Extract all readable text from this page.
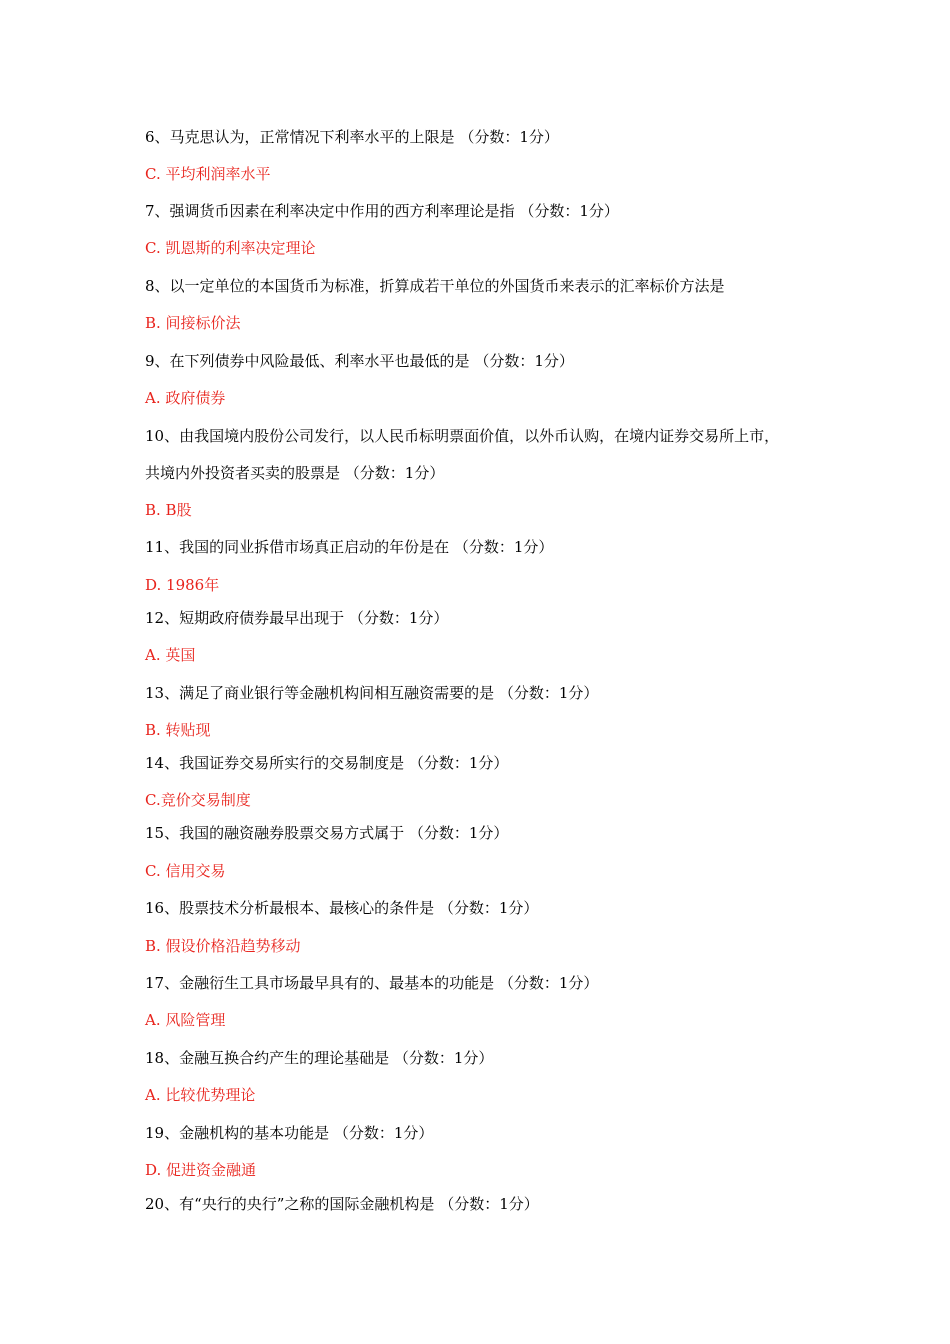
6、马克思认为，正常情况下利率水平的上限是 （分数：1分）
C. 平均利润率水平
7、强调货币因素在利率决定中作用的西方利率理论是指 （分数：1分）
C. 凯恩斯的利率决定理论
8、以一定单位的本国货币为标准，折算成若干单位的外国货币来表示的汇率标价方法是
B. 间接标价法
9、在下列债券中风险最低、利率水平也最低的是 （分数：1分）
A. 政府债券
10、由我国境内股份公司发行，以人民币标明票面价值，以外币认购，在境内证券交易所上市，
共境内外投资者买卖的股票是 （分数：1分）
B. B股
11、我国的同业拆借市场真正启动的年份是在 （分数：1分）
D. 1986年
12、短期政府债券最早出现于 （分数：1分）
A. 英国
13、满足了商业银行等金融机构间相互融资需要的是 （分数：1分）
B. 转贴现
14、我国证券交易所实行的交易制度是 （分数：1分）
C.竞价交易制度
15、我国的融资融券股票交易方式属于 （分数：1分）
C. 信用交易
16、股票技术分析最根本、最核心的条件是 （分数：1分）
B. 假设价格沿趋势移动
17、金融衍生工具市场最早具有的、最基本的功能是 （分数：1分）
A. 风险管理
18、金融互换合约产生的理论基础是 （分数：1分）
A. 比较优势理论
19、金融机构的基本功能是 （分数：1分）
D. 促进资金融通
20、有“央行的央行”之称的国际金融机构是 （分数：1分）
